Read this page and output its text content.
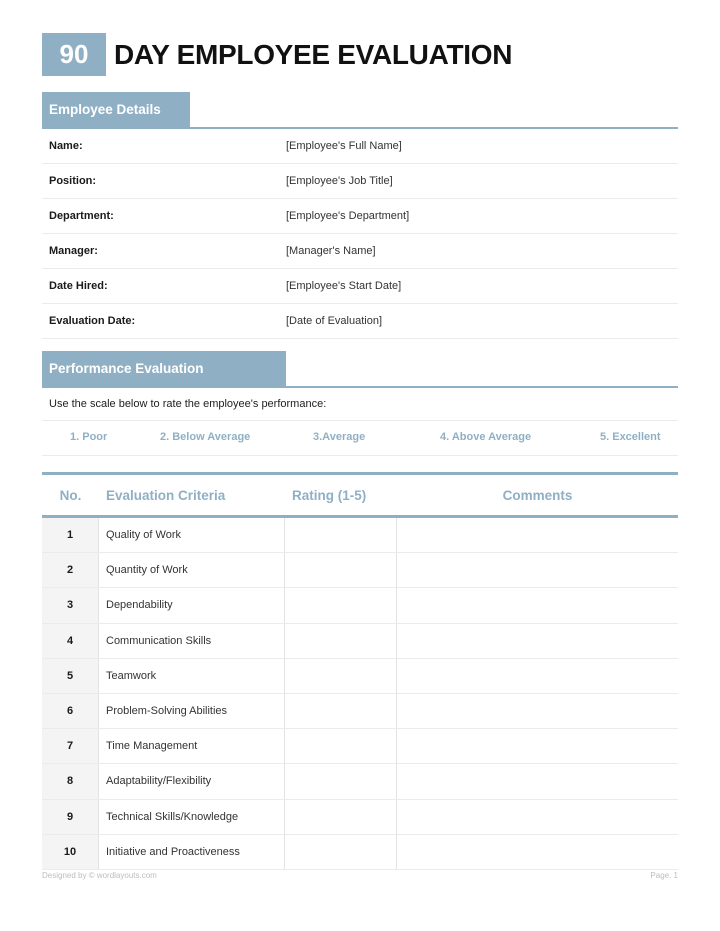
90 DAY EMPLOYEE EVALUATION
Employee Details
Name:	[Employee's Full Name]
Position:	[Employee's Job Title]
Department:	[Employee's Department]
Manager:	[Manager's Name]
Date Hired:	[Employee's Start Date]
Evaluation Date:	[Date of Evaluation]
Performance Evaluation
Use the scale below to rate the employee's performance:
1. Poor	2. Below Average	3.Average	4. Above Average	5. Excellent
No.	Evaluation Criteria	Rating (1-5)	Comments
1	Quality of Work
2	Quantity of Work
3	Dependability
4	Communication Skills
5	Teamwork
6	Problem-Solving Abilities
7	Time Management
8	Adaptability/Flexibility
9	Technical Skills/Knowledge
10	Initiative and Proactiveness
Designed by © wordlayouts.com	Page. 1
